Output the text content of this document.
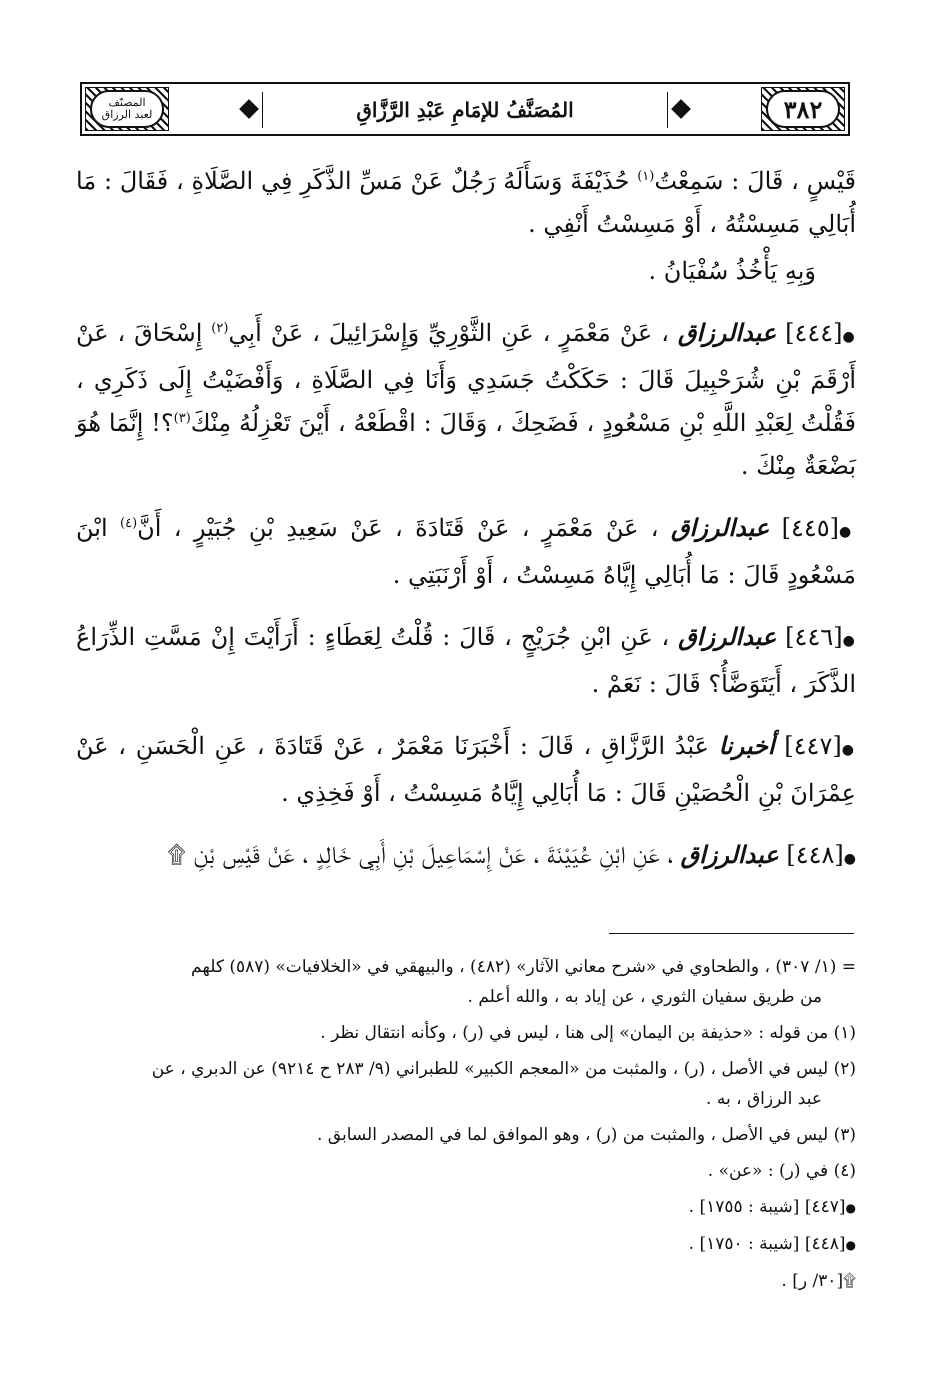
المصنّف
لعبد الرزاق	٣٨٢
المُصَنَّفُ للإمَامِ عَبْدِ الرَّزَّاقِ

قَيْسٍ ، قَالَ : سَمِعْتُ$^{(١)}$ حُذَيْفَةَ وَسَأَلَهُ رَجُلٌ عَنْ مَسِّ الذَّكَرِ فِي الصَّلَاةِ ، فَقَالَ : مَا أُبَالِي مَسِسْتُهُ ، أَوْ مَسِسْتُ أَنْفِي .

وَبِهِ يَأْخُذُ سُفْيَانُ .

●[٤٤٤] عبدالرزاق ، عَنْ مَعْمَرٍ ، عَنِ الثَّوْرِيِّ وَإِسْرَائِيلَ ، عَنْ أَبِي$^{(٢)}$ إِسْحَاقَ ، عَنْ أَرْقَمَ بْنِ شُرَحْبِيلَ قَالَ : حَكَكْتُ جَسَدِي وَأَنَا فِي الصَّلَاةِ ، وَأَفْضَيْتُ إِلَى ذَكَرِي ، فَقُلْتُ لِعَبْدِ اللَّهِ بْنِ مَسْعُودٍ ، فَضَحِكَ ، وَقَالَ : اقْطَعْهُ ، أَيْنَ تَعْزِلُهُ مِنْكَ$^{(٣)}$؟! إِنَّمَا هُوَ بَضْعَةٌ مِنْكَ .

●[٤٤٥] عبدالرزاق ، عَنْ مَعْمَرٍ ، عَنْ قَتَادَةَ ، عَنْ سَعِيدِ بْنِ جُبَيْرٍ ، أَنَّ$^{(٤)}$ ابْنَ مَسْعُودٍ قَالَ : مَا أُبَالِي إِيَّاهُ مَسِسْتُ ، أَوْ أَرْنَبَتِي .

●[٤٤٦] عبدالرزاق ، عَنِ ابْنِ جُرَيْجٍ ، قَالَ : قُلْتُ لِعَطَاءٍ : أَرَأَيْتَ إِنْ مَسَّتِ الذِّرَاعُ الذَّكَرَ ، أَيَتَوَضَّأُ؟ قَالَ : نَعَمْ .

●[٤٤٧] أخبرنا عَبْدُ الرَّزَّاقِ ، قَالَ : أَخْبَرَنَا مَعْمَرٌ ، عَنْ قَتَادَةَ ، عَنِ الْحَسَنِ ، عَنْ عِمْرَانَ بْنِ الْحُصَيْنِ قَالَ : مَا أُبَالِي إِيَّاهُ مَسِسْتُ ، أَوْ فَخِذِي .

●[٤٤٨] عبدالرزاق ، عَنِ ابْنِ عُيَيْنَةَ ، عَنْ إِسْمَاعِيلَ بْنِ أَبِي خَالِدٍ ، عَنْ قَيْسِ بْنِ ۩

= (١/ ٣٠٧) ، والطحاوي في «شرح معاني الآثار» (٤٨٢) ، والبيهقي في «الخلافيات» (٥٨٧) كلهم
من طريق سفيان الثوري ، عن إياد به ، والله أعلم .
(١) من قوله : «حذيفة بن اليمان» إلى هنا ، ليس في (ر) ، وكأنه انتقال نظر .
(٢) ليس في الأصل ، (ر) ، والمثبت من «المعجم الكبير» للطبراني (٩/ ٢٨٣ ح ٩٢١٤) عن الدبري ، عن
عبد الرزاق ، به .
(٣) ليس في الأصل ، والمثبت من (ر) ، وهو الموافق لما في المصدر السابق .
(٤) في (ر) : «عن» .
●[٤٤٧] [شيبة : ١٧٥٥] .
●[٤٤٨] [شيبة : ١٧٥٠] .
۩[٣٠/ ر] .
